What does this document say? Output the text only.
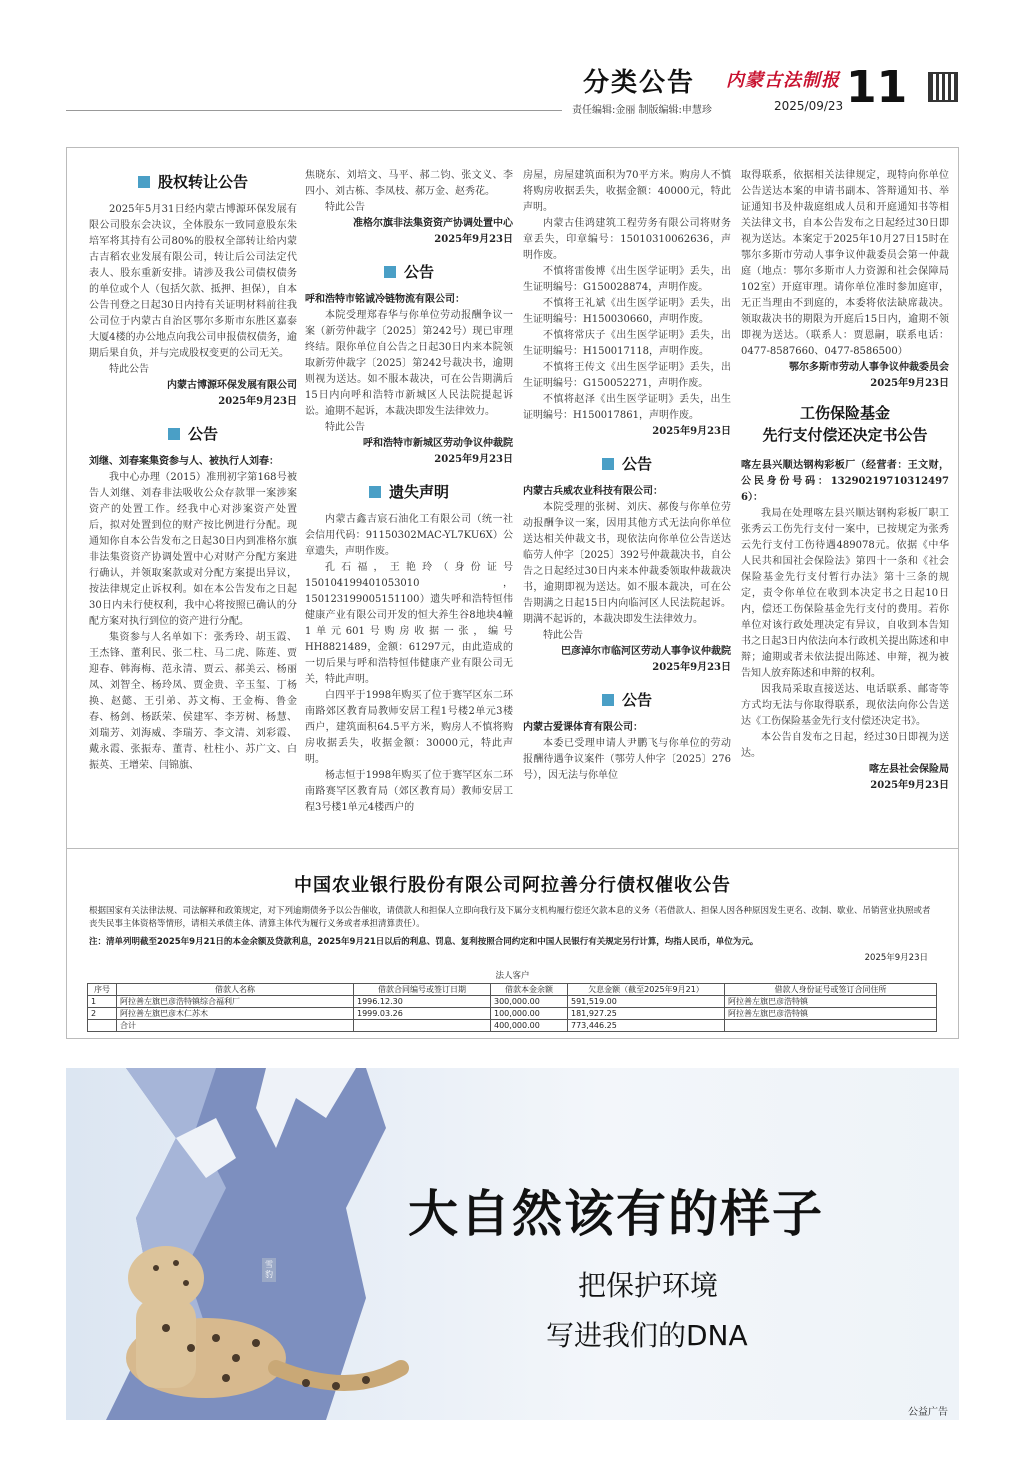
分类公告 内蒙古法制报 11
责任编辑:金丽 制版编辑:申慧珍	2025/09/23
股权转让公告

2025年5月31日经内蒙古博源环保发展有限公司股东会决议，全体股东一致同意股东朱培军将其持有公司80%的股权全部转让给内蒙古吉稻农业发展有限公司，转让后公司法定代表人、股东重新安排。请涉及我公司债权债务的单位或个人（包括欠款、抵押、担保），自本公告刊登之日起30日内持有关证明材料前往我公司位于内蒙古自治区鄂尔多斯市东胜区嘉泰大厦4楼的办公地点向我公司申报债权债务，逾期后果自负，并与完成股权变更的公司无关。

特此公告

内蒙古博源环保发展有限公司

2025年9月23日

公告

刘继、刘春案集资参与人、被执行人刘春：

我中心办理（2015）准刑初字第168号被告人刘继、刘春非法吸收公众存款罪一案涉案资产的处置工作。经我中心对涉案资产处置后，拟对处置到位的财产按比例进行分配。现通知你自本公告发布之日起30日内到准格尔旗非法集资资产协调处置中心对财产分配方案进行确认，并领取案款或对分配方案提出异议，按法律规定止诉权利。如在本公告发布之日起30日内未行使权利，我中心将按照已确认的分配方案对执行到位的资产进行分配。

集资参与人名单如下：张秀玲、胡玉霞、王杰锋、董利民、张二柱、马二虎、陈莲、贾迎春、韩海梅、范永清、贾云、郝美云、杨丽凤、刘智全、杨玲凤、贾金贵、辛玉玺、丁杨换、赵懿、王引弟、苏文梅、王金梅、鲁金春、杨剑、杨跃荣、侯建军、李芳树、杨慧、刘瑞芳、刘海威、李瑞芳、李文清、刘彩霞、戴永霞、张振寿、董青、杜柱小、苏广文、白振英、王增荣、闫锦旗、

焦晓东、刘培文、马平、郝二钧、张文义、李四小、刘古栋、李凤枝、郝万金、赵秀花。

特此公告

准格尔旗非法集资资产协调处置中心

2025年9月23日

公告

呼和浩特市铭诚冷链物流有限公司：

本院受理郑春华与你单位劳动报酬争议一案（新劳仲裁字〔2025〕第242号）现已审理终结。限你单位自公告之日起30日内来本院领取新劳仲裁字〔2025〕第242号裁决书，逾期则视为送达。如不服本裁决，可在公告期满后15日内向呼和浩特市新城区人民法院提起诉讼。逾期不起诉，本裁决即发生法律效力。

特此公告

呼和浩特市新城区劳动争议仲裁院

2025年9月23日

遗失声明

内蒙古鑫吉宸石油化工有限公司（统一社会信用代码：91150302MAC-YL7KU6X）公章遗失，声明作废。

孔石福，王艳玲（身份证号150104199401053010，150123199005151100）遗失呼和浩特恒伟健康产业有限公司开发的恒大养生谷8地块4幢1单元601号购房收据一张，编号HH8821489，金额：61297元，由此造成的一切后果与呼和浩特恒伟健康产业有限公司无关，特此声明。

白四平于1998年购买了位于赛罕区东二环南路郊区教育局教师安居工程1号楼2单元3楼西户，建筑面积64.5平方米，购房人不慎将购房收据丢失，收据金额：30000元，特此声明。

杨志恒于1998年购买了位于赛罕区东二环南路赛罕区教育局（郊区教育局）教师安居工程3号楼1单元4楼西户的

房屋，房屋建筑面积为70平方米。购房人不慎将购房收据丢失，收据金额：40000元，特此声明。

内蒙古佳鸿建筑工程劳务有限公司将财务章丢失，印章编号：1501031006263​6，声明作废。

不慎将雷俊博《出生医学证明》丢失，出生证明编号：G150028874，声明作废。

不慎将王礼斌《出生医学证明》丢失，出生证明编号：H150030660，声明作废。

不慎将常庆子《出生医学证明》丢失，出生证明编号：H150017118，声明作废。

不慎将王传文《出生医学证明》丢失，出生证明编号：G150052271，声明作废。

不慎将赵泽《出生医学证明》丢失，出生证明编号：H150017861，声明作废。

2025年9月23日

公告

内蒙古兵威农业科技有限公司：

本院受理的张树、刘庆、郝俊与你单位劳动报酬争议一案，因用其他方式无法向你单位送达相关仲裁文书，现依法向你单位公告送达临劳人仲字〔2025〕392号仲裁裁决书，自公告之日起经过30日内来本仲裁委领取仲裁裁决书，逾期即视为送达。如不服本裁决，可在公告期满之日起15日内向临河区人民法院起诉。期满不起诉的，本裁决即发生法律效力。

特此公告

巴彦淖尔市临河区劳动人事争议仲裁院

2025年9月23日

公告

内蒙古爱课体育有限公司：

本委已受理申请人尹鹏飞与你单位的劳动报酬待遇争议案件（鄂劳人仲字〔2025〕276号），因无法与你单位

取得联系，依据相关法律规定，现特向你单位公告送达本案的申请书副本、答辩通知书、举证通知书及仲裁庭组成人员和开庭通知书等相关法律文书，自本公告发布之日起经过30日即视为送达。本案定于2025年10月27日15时在鄂尔多斯市劳动人事争议仲裁委员会第一仲裁庭（地点：鄂尔多斯市人力资源和社会保障局102室）开庭审理。请你单位准时参加庭审，无正当理由不到庭的，本委将依法缺席裁决。领取裁决书的期限为开庭后15日内，逾期不领即视为送达。（联系人：贾恩嗣，联系电话：0477-8587660、0477-8586500）

鄂尔多斯市劳动人事争议仲裁委员会

2025年9月23日

工伤保险基金
先行支付偿还决定书公告

喀左县兴顺达钢构彩板厂（经营者：王文财，公民身份号码：13290219710312497​6）：

我局在处理喀左县兴顺达钢构彩板厂职工张秀云工伤先行支付一案中，已按规定为张秀云先行支付工伤待遇489078元。依据《中华人民共和国社会保险法》第四十一条和《社会保险基金先行支付暂行办法》第十三条的规定，责令你单位在收到本决定书之日起10日内，偿还工伤保险基金先行支付的费用。若你单位对该行政处理决定有异议，自收到本告知书之日起3日内依法向本行政机关提出陈述和申辩；逾期或者未依法提出陈述、申辩，视为被告知人放弃陈述和申辩的权利。

因我局采取直接送达、电话联系、邮寄等方式均无法与你取得联系，现依法向你公告送达《工伤保险基金先行支付偿还决定书》。

本公告自发布之日起，经过30日即视为送达。

喀左县社会保险局

2025年9月23日

中国农业银行股份有限公司阿拉善分行债权催收公告
根据国家有关法律法规、司法解释和政策规定，对下列逾期债务予以公告催收，请债款人和担保人立即向我行及下属分支机构履行偿还欠款本息的义务（若借款人、担保人因各种原因发生更名、改制、歇业、吊销营业执照或者丧失民事主体资格等情形，请相关承债主体、清算主体代为履行义务或者承担清算责任）。
注：清单列明截至2025年9月21日的本金余额及贷款利息，2025年9月21日以后的利息、罚息、复利按照合同约定和中国人民银行有关规定另行计算，均指人民币，单位为元。
2025年9月23日
法人客户
序号	借款人名称	借款合同编号或签订日期	借款本金余额	欠息金额（截至2025年9月21）	借款人身份证号或签订合同住所
1	阿拉善左旗巴彦浩特镇综合福利厂	1996.12.30	300,000.00	591,519.00	阿拉善左旗巴彦浩特镇
2	阿拉善左旗巴彦木仁苏木	1999.03.26	100,000.00	181,927.25	阿拉善左旗巴彦浩特镇
	合计		400,000.00	773,446.25	
雪豹
大自然该有的样子
把保护环境
写进我们的DNA
公益广告
